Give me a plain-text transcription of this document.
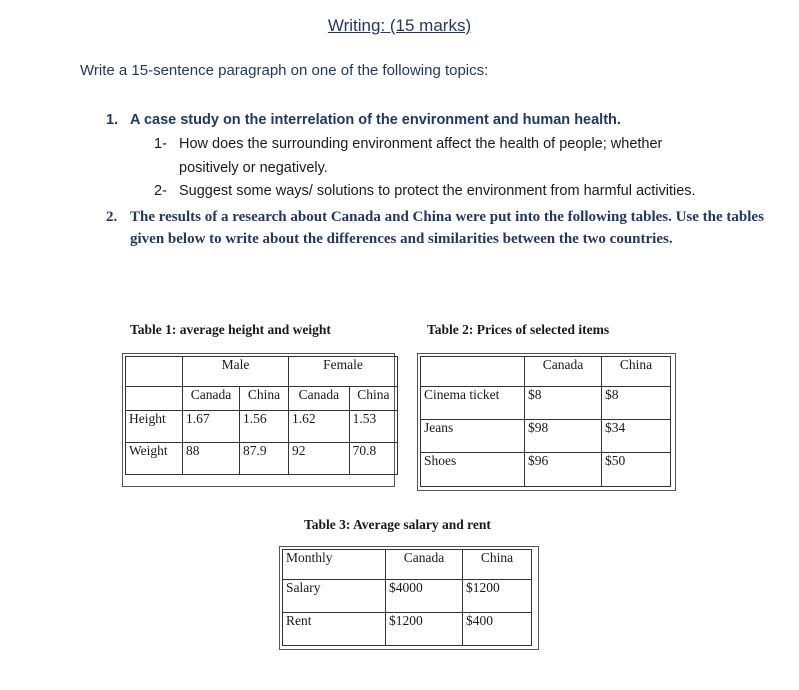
Writing: (15 marks)
Write a 15-sentence paragraph on one of the following topics:
1. A case study on the interrelation of the environment and human health.
1- How does the surrounding environment affect the health of people; whether
positively or negatively.
2- Suggest some ways/ solutions to protect the environment from harmful activities.
2. The results of a research about Canada and China were put into the following tables. Use the tables given below to write about the differences and similarities between the two countries.
Table 1: average height and weight
	Male		Female	
	Canada	China	Canada	China
Height	1.67	1.56	1.62	1.53
Weight	88	87.9	92	70.8
Table 2: Prices of selected items
	Canada	China
Cinema ticket	$8	$8
Jeans	$98	$34
Shoes	$96	$50
Table 3: Average salary and rent
Monthly	Canada	China
Salary	$4000	$1200
Rent	$1200	$400
